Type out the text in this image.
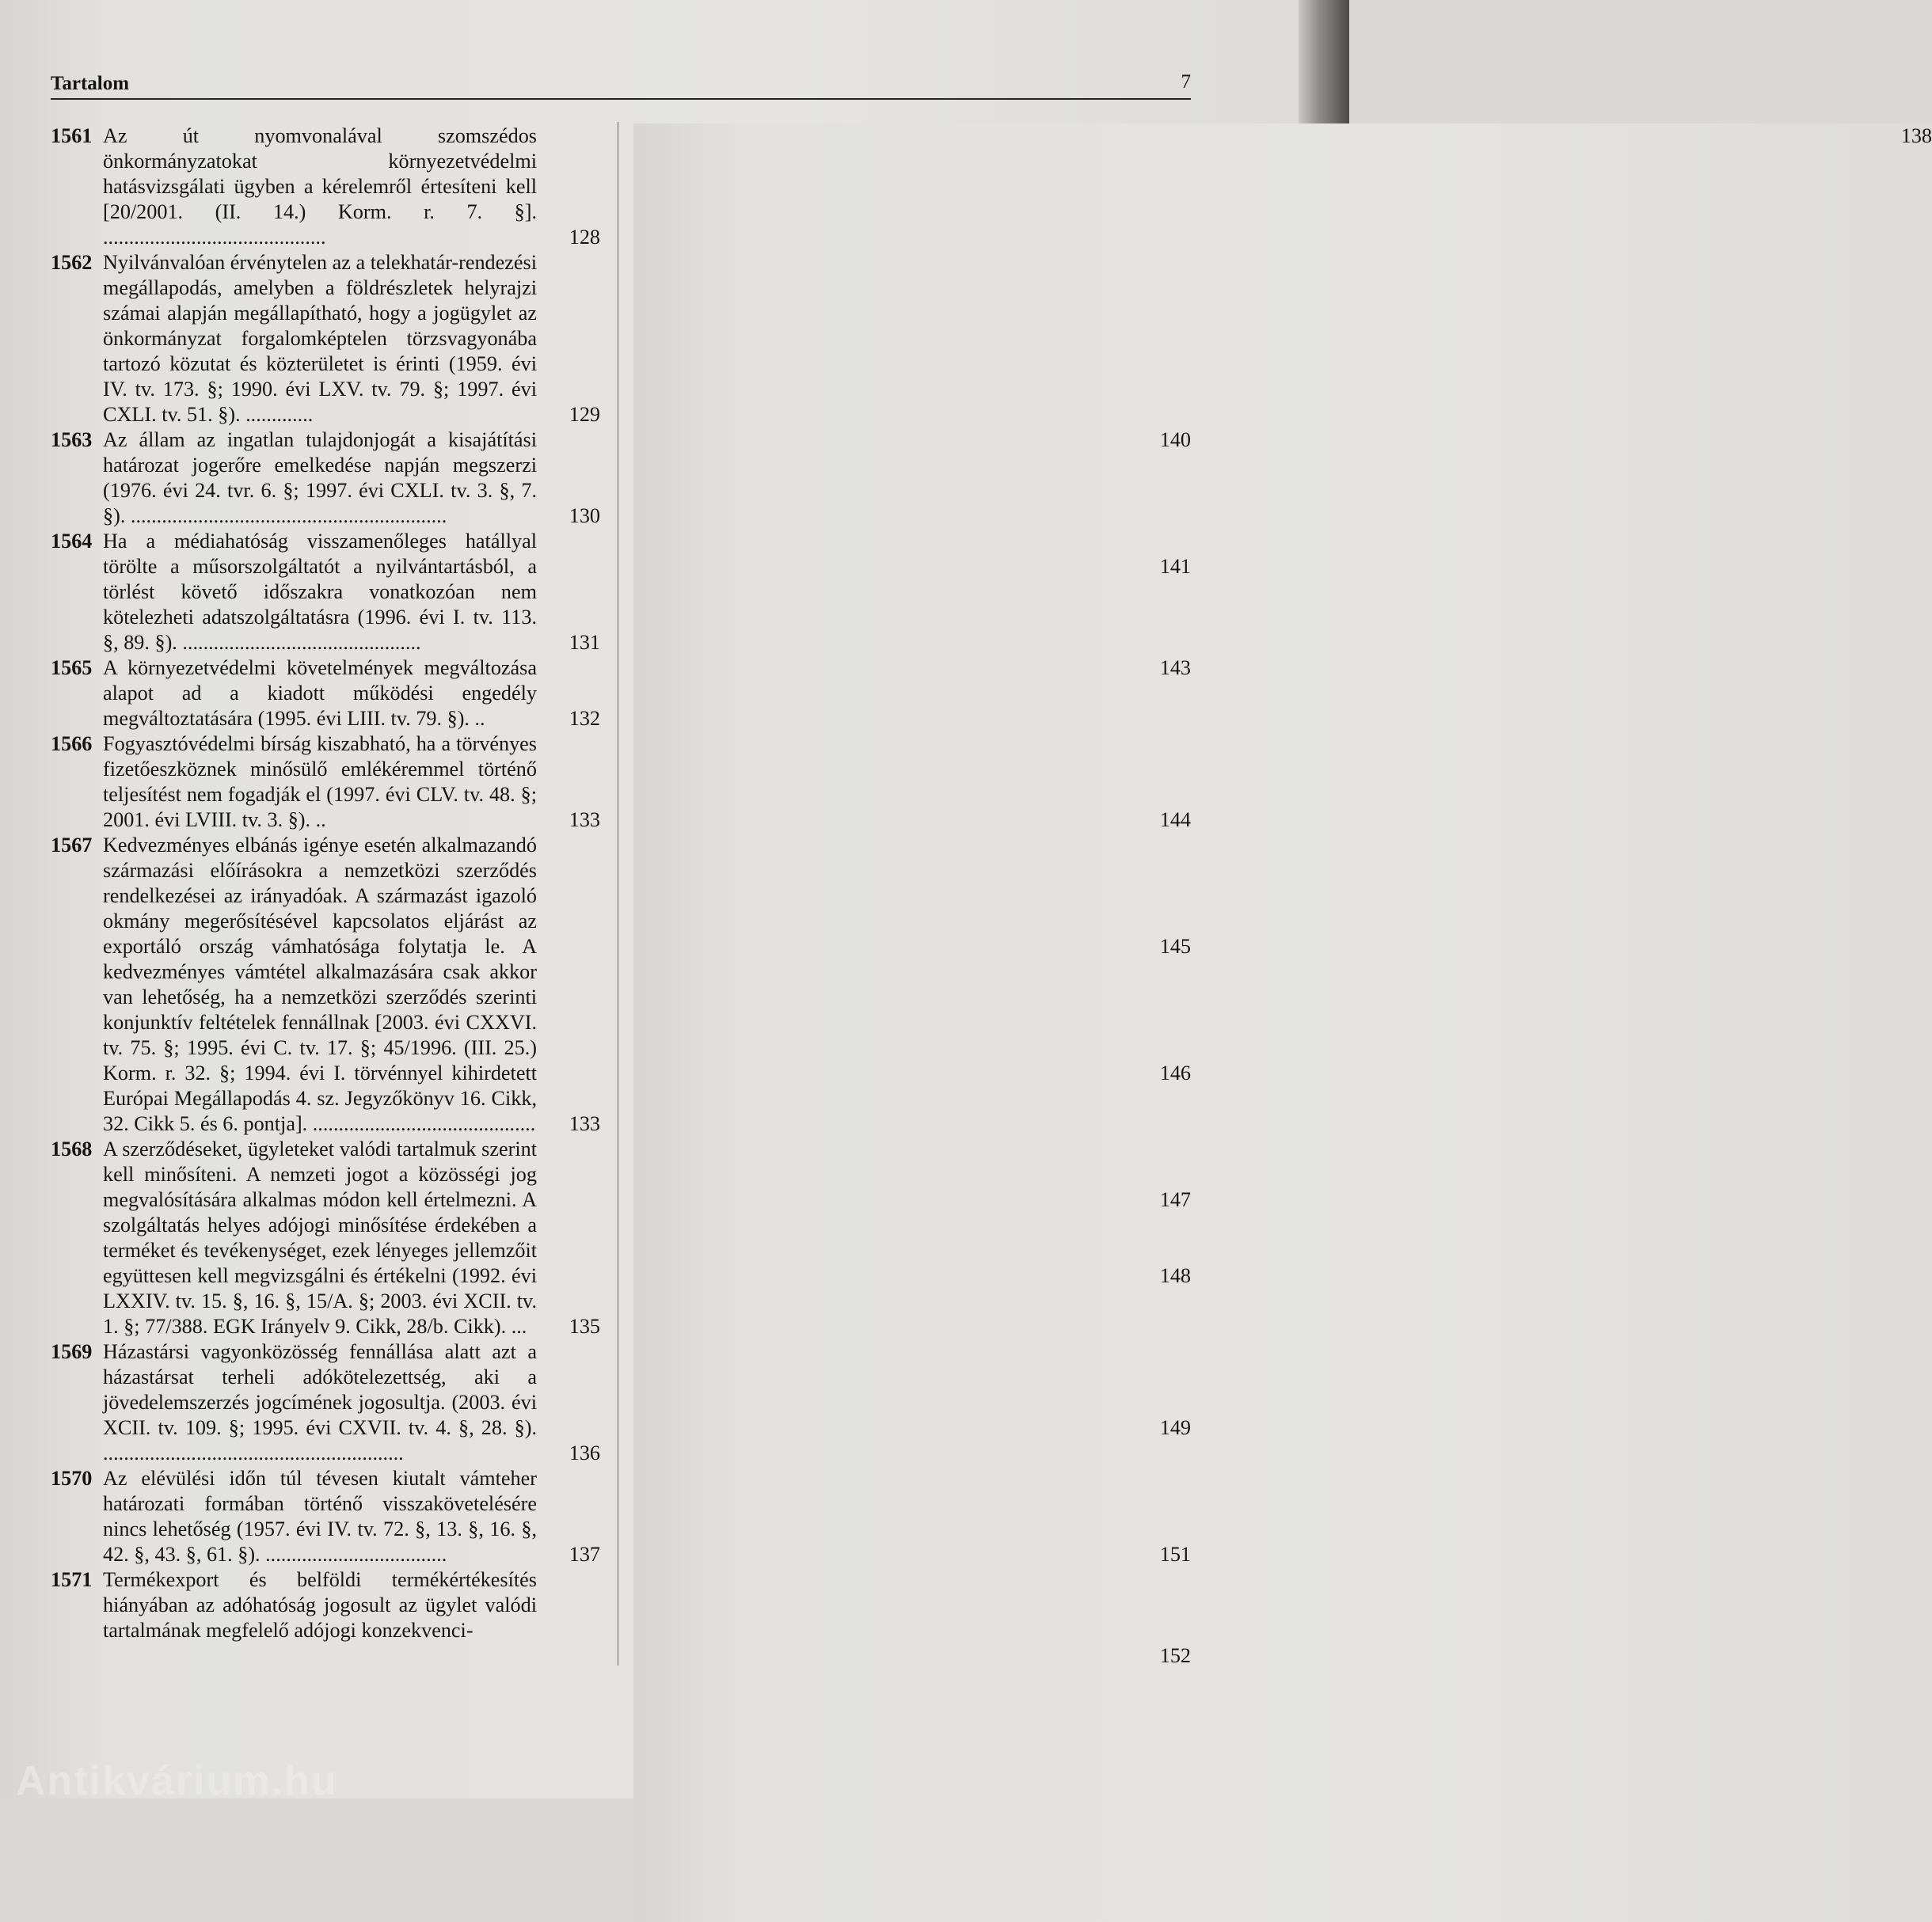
Tartalom	7
1561 Az út nyomvonalával szomszédos önkormányzatokat környezetvédelmi hatásvizsgálati ügyben a kérelemről értesíteni kell [20/2001. (II. 14.) Korm. r. 7. §]. ...........................................	128
1562 Nyilvánvalóan érvénytelen az a telekhatár-rendezési megállapodás, amelyben a földrészletek helyrajzi számai alapján megállapítható, hogy a jogügylet az önkormányzat forgalomképtelen törzsvagyonába tartozó közutat és közterületet is érinti (1959. évi IV. tv. 173. §; 1990. évi LXV. tv. 79. §; 1997. évi CXLI. tv. 51. §). .............	129
1563 Az állam az ingatlan tulajdonjogát a kisajátítási határozat jogerőre emelkedése napján megszerzi (1976. évi 24. tvr. 6. §; 1997. évi CXLI. tv. 3. §, 7. §). .............................................................	130
1564 Ha a médiahatóság visszamenőleges hatállyal törölte a műsorszolgáltatót a nyilvántartásból, a törlést követő időszakra vonatkozóan nem kötelezheti adatszolgáltatásra (1996. évi I. tv. 113. §, 89. §). ..............................................	131
1565 A környezetvédelmi követelmények megváltozása alapot ad a kiadott működési engedély megváltoztatására (1995. évi LIII. tv. 79. §). ..	132
1566 Fogyasztóvédelmi bírság kiszabható, ha a törvényes fizetőeszköznek minősülő emlékéremmel történő teljesítést nem fogadják el (1997. évi CLV. tv. 48. §; 2001. évi LVIII. tv. 3. §). ..	133
1567 Kedvezményes elbánás igénye esetén alkalmazandó származási előírásokra a nemzetközi szerződés rendelkezései az irányadóak. A származást igazoló okmány megerősítésével kapcsolatos eljárást az exportáló ország vámhatósága folytatja le. A kedvezményes vámtétel alkalmazására csak akkor van lehetőség, ha a nemzetközi szerződés szerinti konjunktív feltételek fennállnak [2003. évi CXXVI. tv. 75. §; 1995. évi C. tv. 17. §; 45/1996. (III. 25.) Korm. r. 32. §; 1994. évi I. törvénnyel kihirdetett Európai Megállapodás 4. sz. Jegyzőkönyv 16. Cikk, 32. Cikk 5. és 6. pontja]. ...........................................	133
1568 A szerződéseket, ügyleteket valódi tartalmuk szerint kell minősíteni. A nemzeti jogot a közösségi jog megvalósítására alkalmas módon kell értelmezni. A szolgáltatás helyes adójogi minősítése érdekében a terméket és tevékenységet, ezek lényeges jellemzőit együttesen kell megvizsgálni és értékelni (1992. évi LXXIV. tv. 15. §, 16. §, 15/A. §; 2003. évi XCII. tv. 1. §; 77/388. EGK Irányelv 9. Cikk, 28/b. Cikk). ...	135
1569 Házastársi vagyonközösség fennállása alatt azt a házastársat terheli adókötelezettség, aki a jövedelemszerzés jogcímének jogosultja. (2003. évi XCII. tv. 109. §; 1995. évi CXVII. tv. 4. §, 28. §). ..........................................................	136
1570 Az elévülési időn túl tévesen kiutalt vámteher határozati formában történő visszakövetelésére nincs lehetőség (1957. évi IV. tv. 72. §, 13. §, 16. §, 42. §, 43. §, 61. §). ...................................	137
1571 Termékexport és belföldi termékértékesítés hiányában az adóhatóság jogosult az ügylet valódi tartalmának megfelelő adójogi konzekvenci-
138
140
141
143
144
145
146
147
148
149
151
152
Antikvárium.hu
